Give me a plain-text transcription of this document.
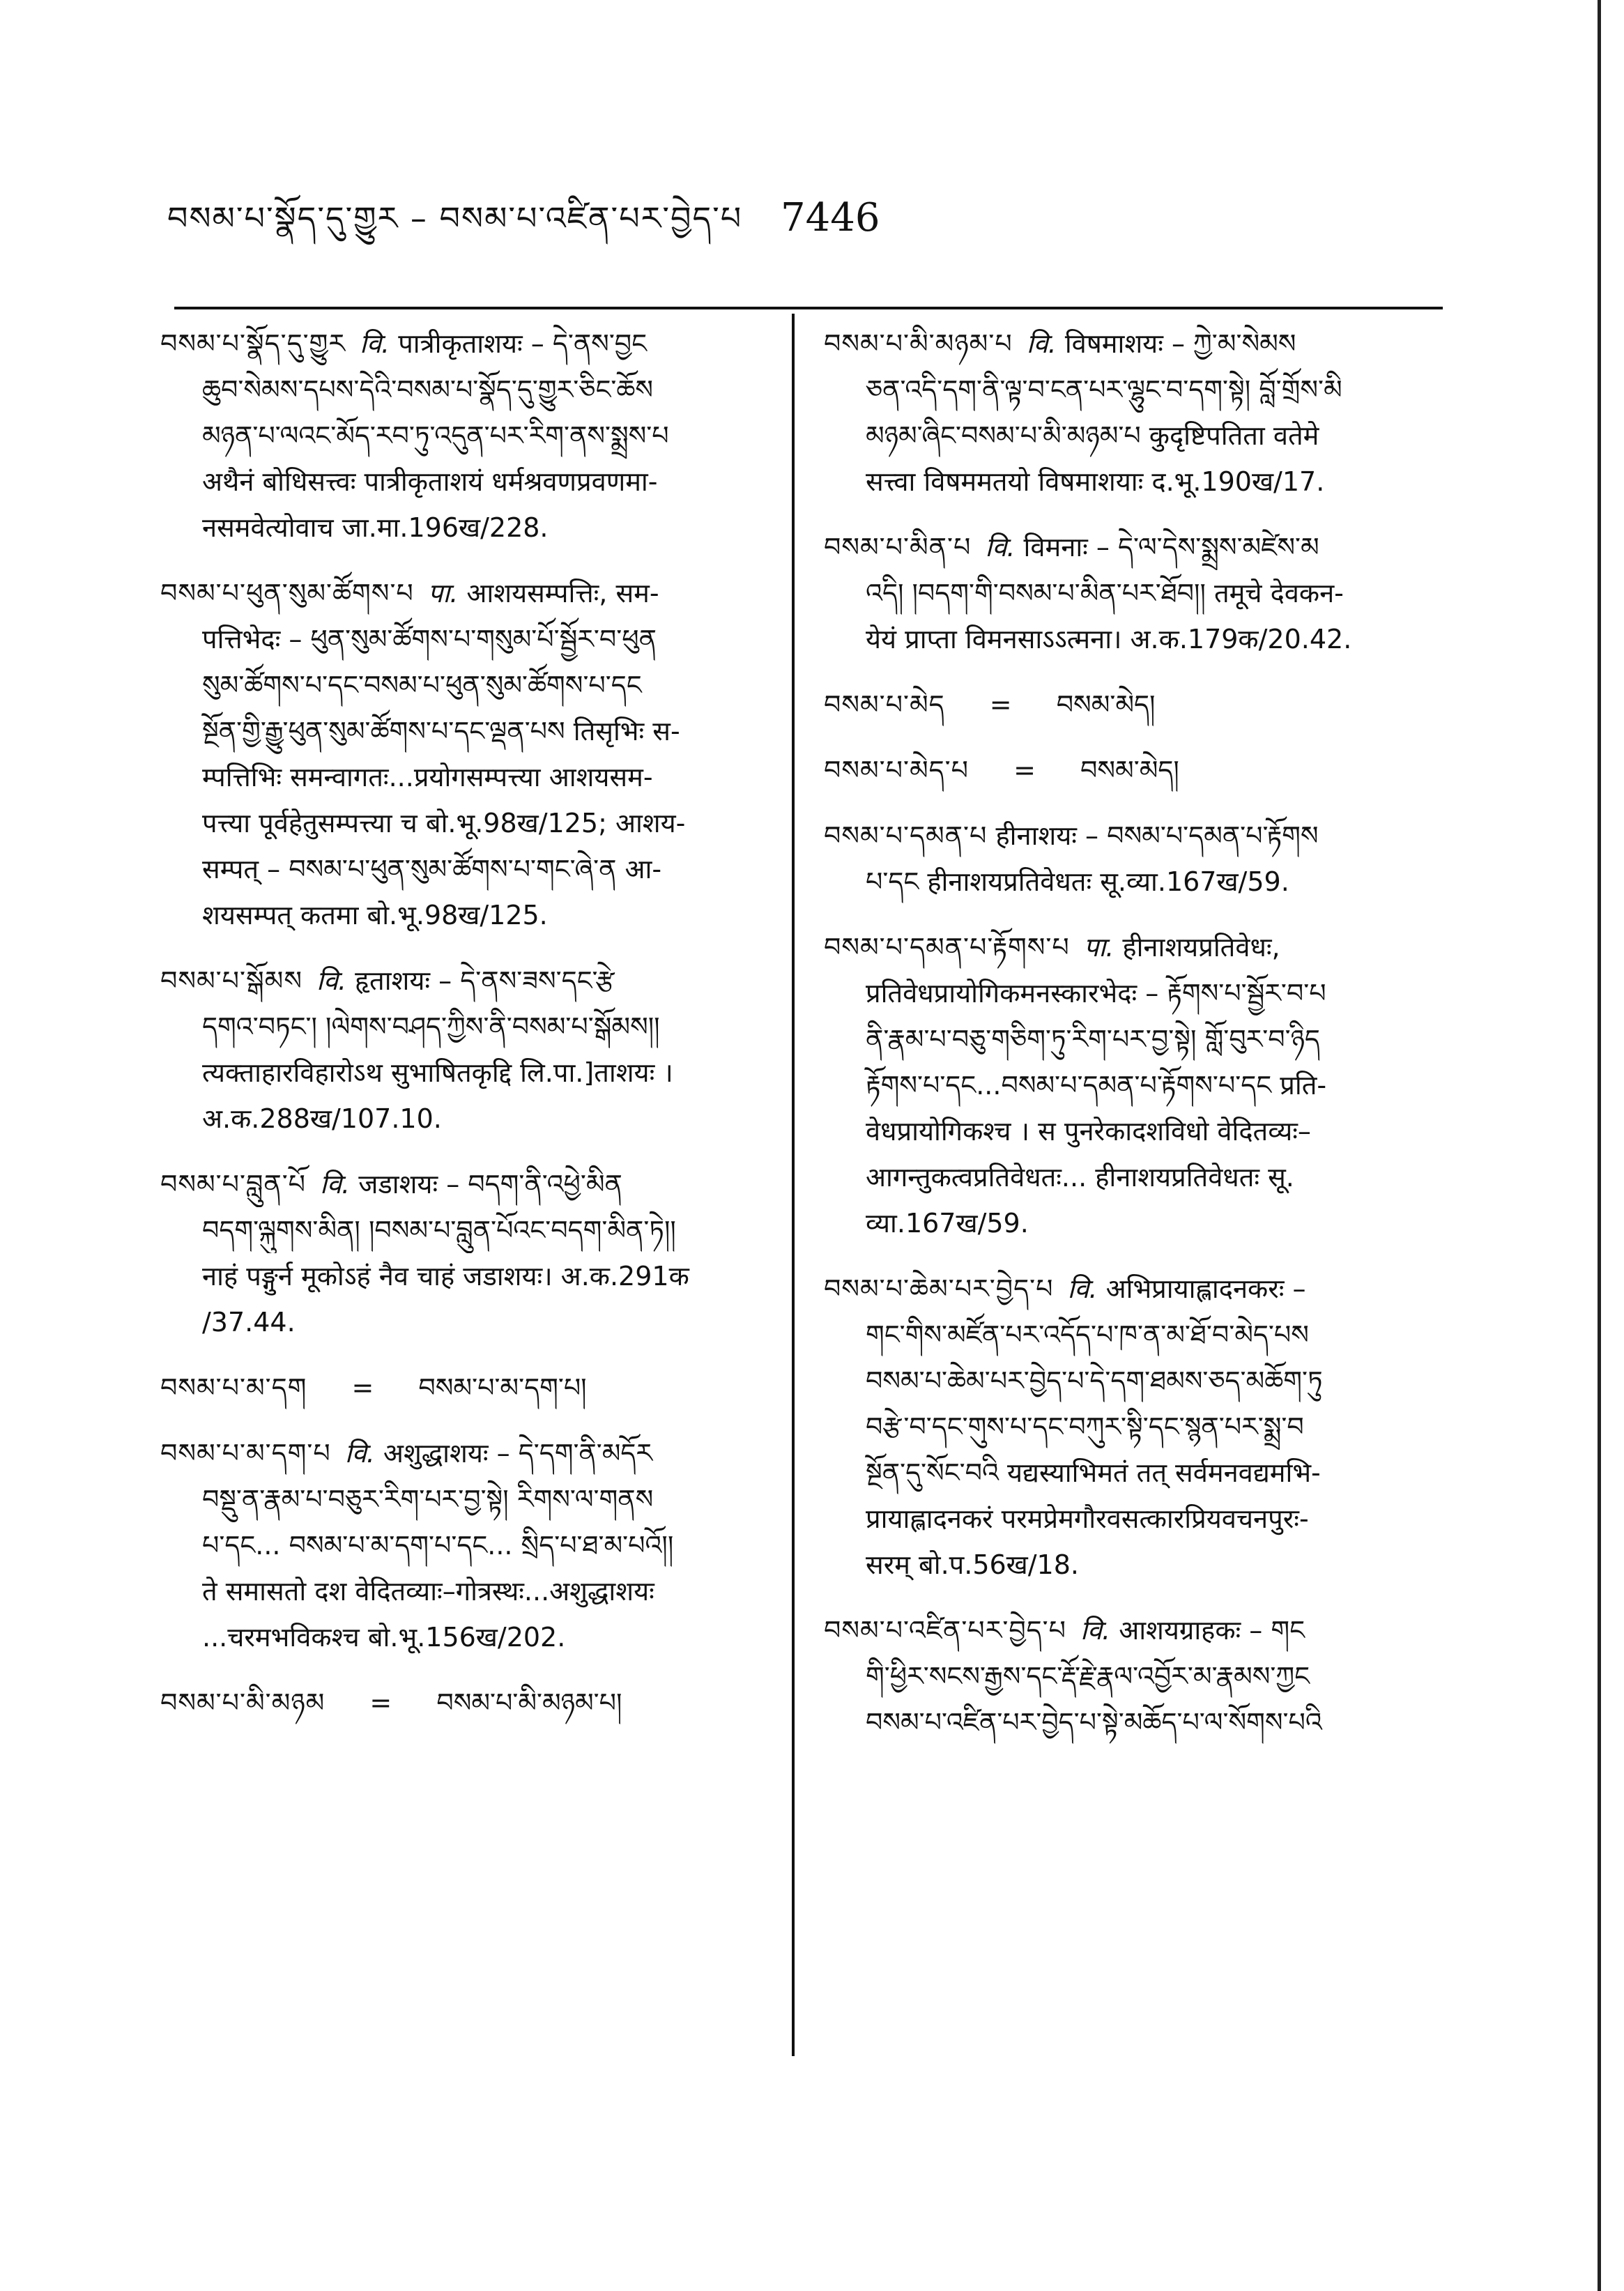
བསམ་པ་སྣོད་དུ་གྱུར – བསམ་པ་འཛིན་པར་བྱེད་པ 7446
བསམ་པ་སྣོད་དུ་གྱུར वि. पात्रीकृताशयः – དེ་ནས་བྱང
ཆུབ་སེམས་དཔས་དེའི་བསམ་པ་སྣོད་དུ་གྱུར་ཅིང་ཆོས
མཉན་པ་ལའང་མོད་རབ་ཏུ་འདུན་པར་རིག་ནས་སྨྲས་པ
अथैनं बोधिसत्त्वः पात्रीकृताशयं धर्मश्रवणप्रवणमा-
नसमवेत्योवाच जा.मा.196ख/228.
བསམ་པ་ཕུན་སུམ་ཚོགས་པ पा. आशयसम्पत्तिः, सम-
पत्तिभेदः – ཕུན་སུམ་ཚོགས་པ་གསུམ་པོ་སྦྱོར་བ་ཕུན
སུམ་ཚོགས་པ་དང་བསམ་པ་ཕུན་སུམ་ཚོགས་པ་དང
སྔོན་གྱི་རྒྱུ་ཕུན་སུམ་ཚོགས་པ་དང་ལྡན་པས तिसृभिः स-
म्पत्तिभिः समन्वागतः...प्रयोगसम्पत्त्या आशयसम-
पत्त्या पूर्वहेतुसम्पत्त्या च बो.भू.98ख/125; आशय-
सम्पत् – བསམ་པ་ཕུན་སུམ་ཚོགས་པ་གང་ཞེ་ན आ-
शयसम्पत् कतमा बो.भू.98ख/125.
བསམ་པ་སྒོམས वि. हृताशयः – དེ་ནས་ཟས་དང་རྩེ
དགའ་བཏང་། །ལེགས་བཤད་ཀྱིས་ནི་བསམ་པ་སྒོམས།།
त्यक्ताहारविहारोऽथ सुभाषितकृद्दि लि.पा.]ताशयः ।
अ.क.288ख/107.10.
བསམ་པ་བླུན་པོ वि. जडाशयः – བདག་ནི་འཕྱེ་མིན
བདག་ལྐུགས་མིན། །བསམ་པ་བླུན་པོའང་བདག་མིན་ཏེ།།
नाहं पङ्गुर्न मूकोऽहं नैव चाहं जडाशयः। अ.क.291क
/37.44.
བསམ་པ་མ་དག = བསམ་པ་མ་དག་པ།
བསམ་པ་མ་དག་པ वि. अशुद्धाशयः – དེ་དག་ནི་མདོར
བསྡུ་ན་རྣམ་པ་བཅུར་རིག་པར་བྱ་སྟེ། རིགས་ལ་གནས
པ་དང... བསམ་པ་མ་དག་པ་དང... སྲིད་པ་ཐ་མ་པའོ།།
ते समासतो दश वेदितव्याः–गोत्रस्थः...अशुद्धाशयः
...चरमभविकश्च बो.भू.156ख/202.
བསམ་པ་མི་མཉམ = བསམ་པ་མི་མཉམ་པ།
བསམ་པ་མི་མཉམ་པ वि. विषमाशयः – ཀྱེ་མ་སེམས
ཅན་འདི་དག་ནི་ལྟ་བ་ངན་པར་ལྷུང་བ་དག་སྟེ། བློ་གྲོས་མི
མཉམ་ཞིང་བསམ་པ་མི་མཉམ་པ कुदृष्टिपतिता वतेमे
सत्त्वा विषममतयो विषमाशयाः द.भू.190ख/17.
བསམ་པ་མིན་པ वि. विमनाः – དེ་ལ་དེས་སྨྲས་མཛེས་མ
འདི། །བདག་གི་བསམ་པ་མིན་པར་ཐོབ།། तमूचे देवकन-
येयं प्राप्ता विमनसाऽऽत्मना। अ.क.179क/20.42.
བསམ་པ་མེད = བསམ་མེད།
བསམ་པ་མེད་པ = བསམ་མེད།
བསམ་པ་དམན་པ हीनाशयः – བསམ་པ་དམན་པ་རྟོགས
པ་དང हीनाशयप्रतिवेधतः सू.व्या.167ख/59.
བསམ་པ་དམན་པ་རྟོགས་པ पा. हीनाशयप्रतिवेधः,
प्रतिवेधप्रायोगिकमनस्कारभेदः – རྟོགས་པ་སྦྱོར་བ་པ
ནི་རྣམ་པ་བཅུ་གཅིག་ཏུ་རིག་པར་བྱ་སྟེ། གློ་བུར་བ་ཉིད
རྟོགས་པ་དང...བསམ་པ་དམན་པ་རྟོགས་པ་དང प्रति-
वेधप्रायोगिकश्च । स पुनरेकादशविधो वेदितव्यः–
आगन्तुकत्वप्रतिवेधतः... हीनाशयप्रतिवेधतः सू.
व्या.167ख/59.
བསམ་པ་ཆེམ་པར་བྱེད་པ वि. अभिप्रायाह्लादनकरः –
གང་གིས་མཛོན་པར་འདོད་པ་ཁ་ན་མ་ཐོ་བ་མེད་པས
བསམ་པ་ཆེམ་པར་བྱེད་པ་དེ་དག་ཐམས་ཅད་མཆོག་ཏུ
བརྩེ་བ་དང་གུས་པ་དང་བཀུར་སྟི་དང་སྙན་པར་སྨྲ་བ
སྔོན་དུ་སོང་བའི यद्यस्याभिमतं तत् सर्वमनवद्यमभि-
प्रायाह्लादनकरं परमप्रेमगौरवसत्कारप्रियवचनपुरः-
सरम् बो.प.56ख/18.
བསམ་པ་འཛིན་པར་བྱེད་པ वि. आशयग्राहकः – གང
གི་ཕྱིར་སངས་རྒྱས་དང་རྡོ་རྗེ་རྣལ་འབྱོར་མ་རྣམས་ཀྱང
བསམ་པ་འཛིན་པར་བྱེད་པ་སྟེ་མཆོད་པ་ལ་སོགས་པའི
